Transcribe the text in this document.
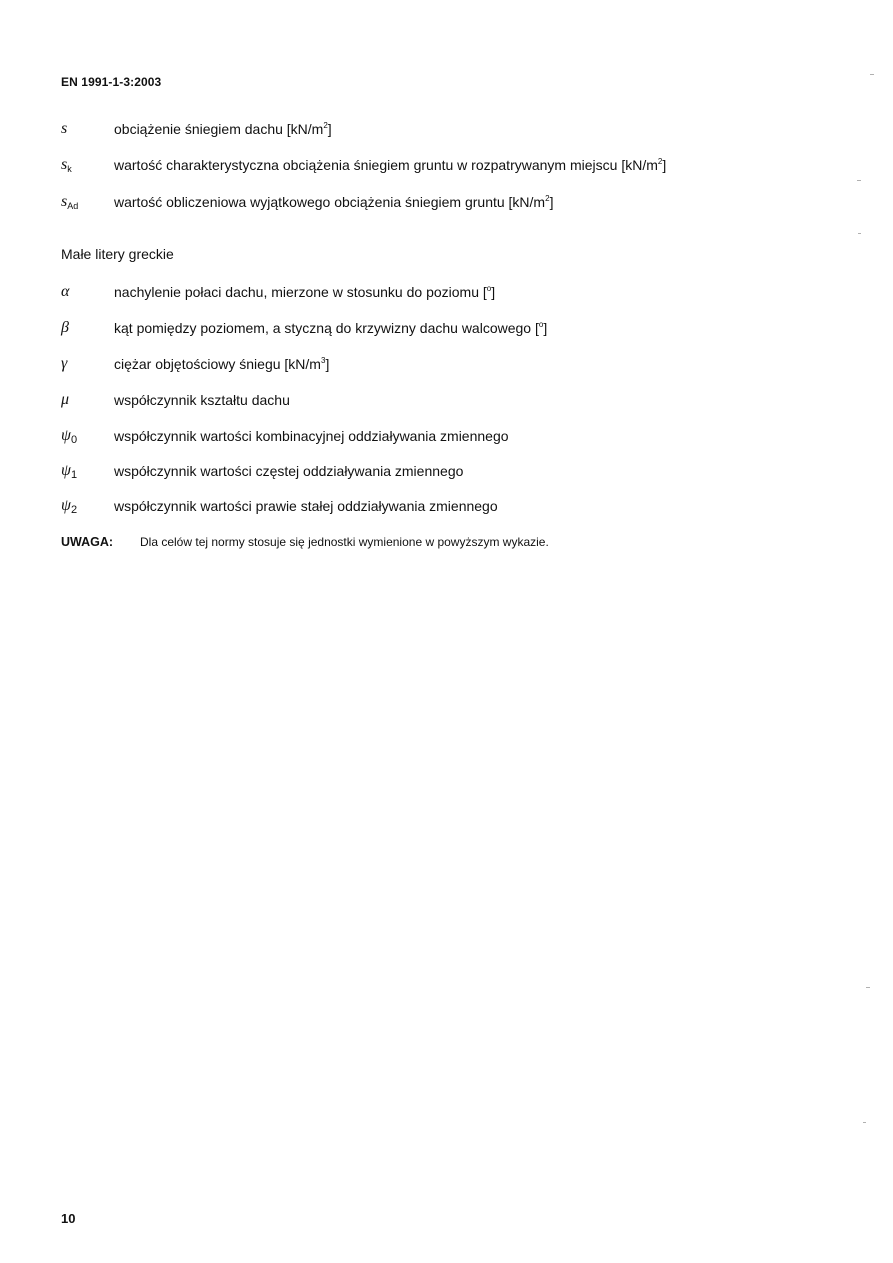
EN 1991-1-3:2003
s	obciążenie śniegiem dachu $[kN/m^2]$
$s_k$	wartość charakterystyczna obciążenia śniegiem gruntu w rozpatrywanym miejscu $[kN/m^2]$
$s_{Ad}$	wartość obliczeniowa wyjątkowego obciążenia śniegiem gruntu $[kN/m^2]$
Małe litery greckie
α	nachylenie połaci dachu, mierzone w stosunku do poziomu [$^o$]
β	kąt pomiędzy poziomem, a styczną do krzywizny dachu walcowego [$^o$]
γ	ciężar objętościowy śniegu $[kN/m^3]$
μ	współczynnik kształtu dachu
ψ0	współczynnik wartości kombinacyjnej oddziaływania zmiennego
ψ1	współczynnik wartości częstej oddziaływania zmiennego
ψ2	współczynnik wartości prawie stałej oddziaływania zmiennego
UWAGA: Dla celów tej normy stosuje się jednostki wymienione w powyższym wykazie.
10
